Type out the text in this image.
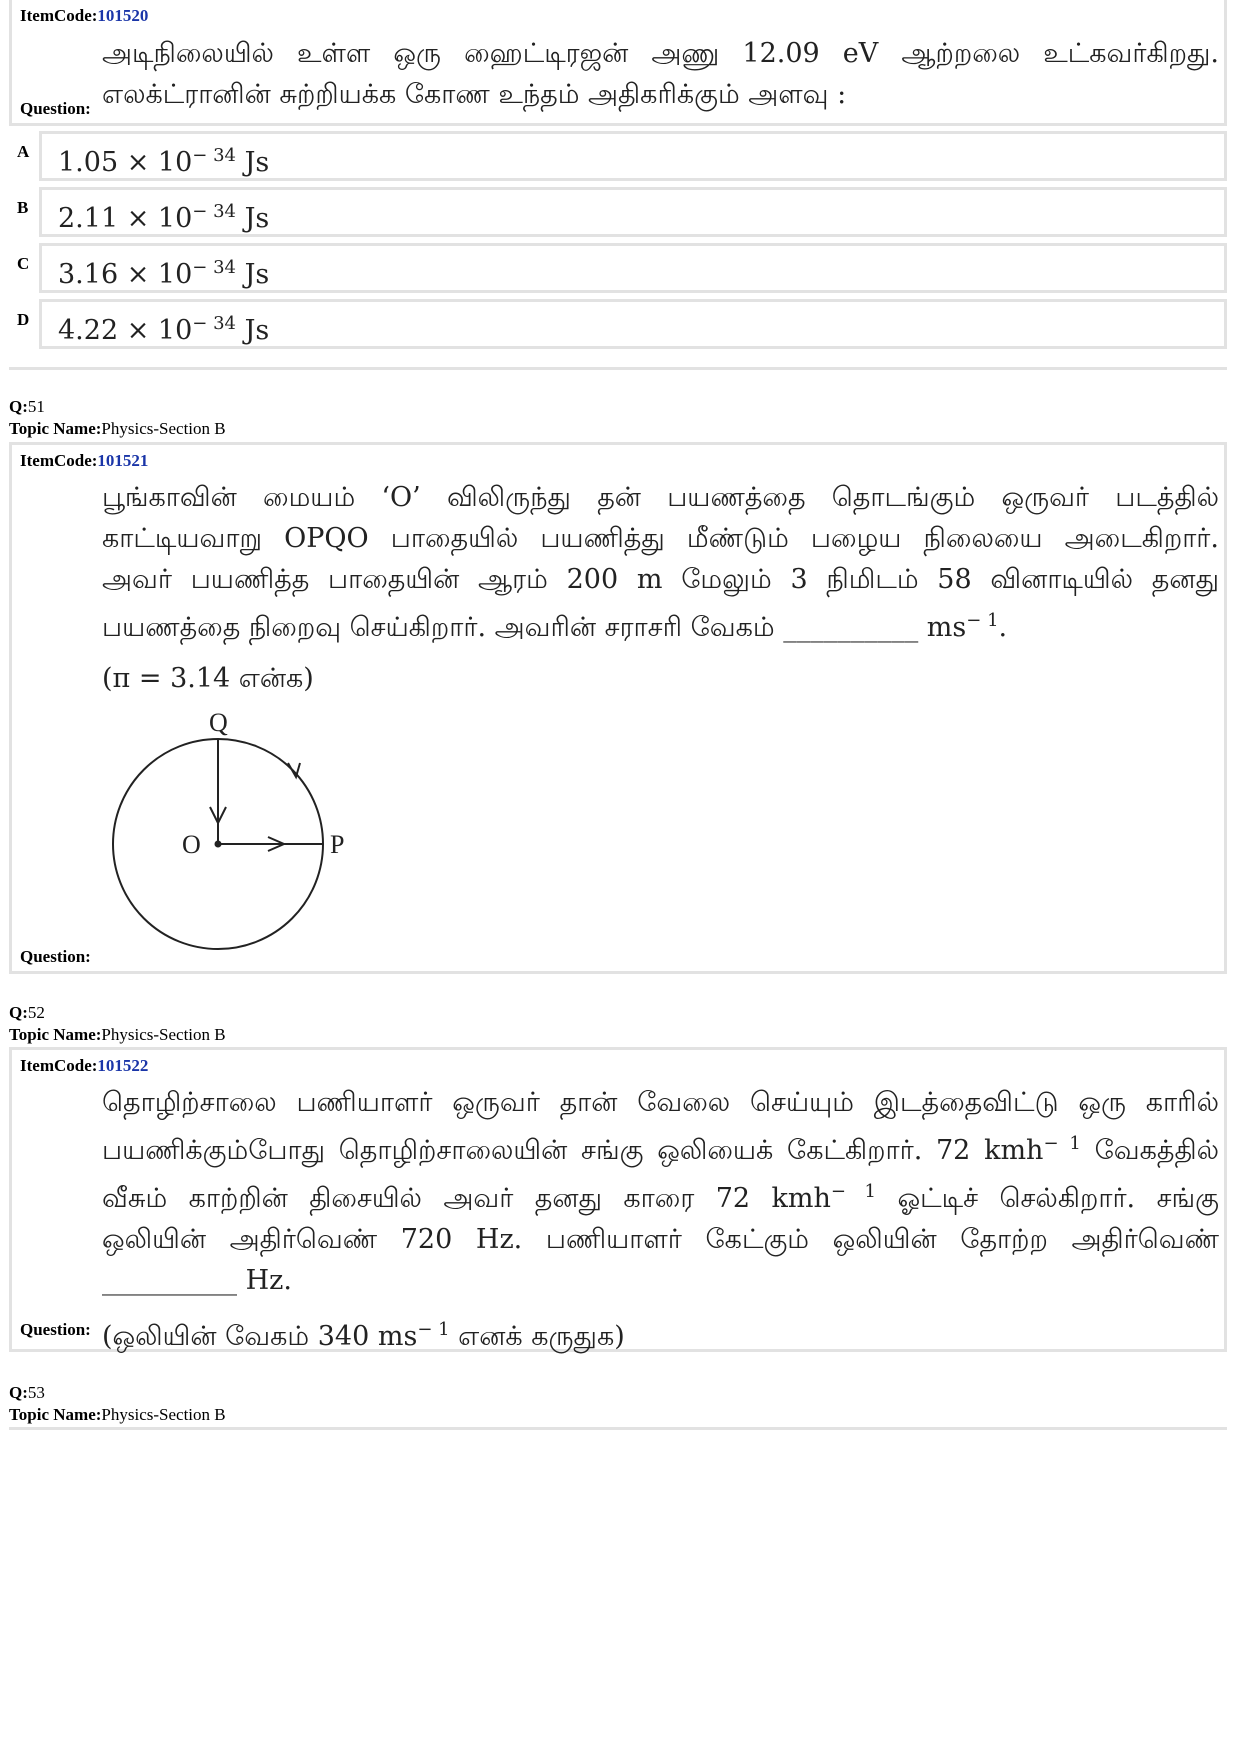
ItemCode:101520
அடிநிலையில் உள்ள ஒரு ஹைட்டிரஜன் அணு 12.09 eV ஆற்றலை உட்கவர்கிறது.
எலக்ட்ரானின் சுற்றியக்க கோண உந்தம் அதிகரிக்கும் அளவு :
Question:
A	$1.05 \times 10^{- 34}$ Js
B	$2.11 \times 10^{- 34}$ Js
C	$3.16 \times 10^{- 34}$ Js
D	$4.22 \times 10^{- 34}$ Js
Q:51
Topic Name:Physics-Section B
ItemCode:101521
பூங்காவின் மையம் ‘O’ விலிருந்து தன் பயணத்தை தொடங்கும் ஒருவர் படத்தில்
காட்டியவாறு OPQO பாதையில் பயணித்து மீண்டும் பழைய நிலையை அடைகிறார்.
அவர் பயணித்த பாதையின் ஆரம் 200 m மேலும் 3 நிமிடம் 58 வினாடியில் தனது
பயணத்தை நிறைவு செய்கிறார். அவரின் சராசரி வேகம் __________ $ms^{- 1}$.
(π = 3.14 என்க)
Q
O	P
Question:
Q:52
Topic Name:Physics-Section B
ItemCode:101522
தொழிற்சாலை பணியாளர் ஒருவர் தான் வேலை செய்யும் இடத்தைவிட்டு ஒரு காரில்
பயணிக்கும்போது தொழிற்சாலையின் சங்கு ஒலியைக் கேட்கிறார். 72 kmh$^{- 1}$ வேகத்தில்
வீசும் காற்றின் திசையில் அவர் தனது காரை 72 kmh$^{- 1}$ ஓட்டிச் செல்கிறார். சங்கு
ஒலியின் அதிர்வெண் 720 Hz. பணியாளர் கேட்கும் ஒலியின் தோற்ற அதிர்வெண்
__________ Hz.
(ஒலியின் வேகம் 340 $ms^{- 1}$ எனக் கருதுக)
Question:
Q:53
Topic Name:Physics-Section B
